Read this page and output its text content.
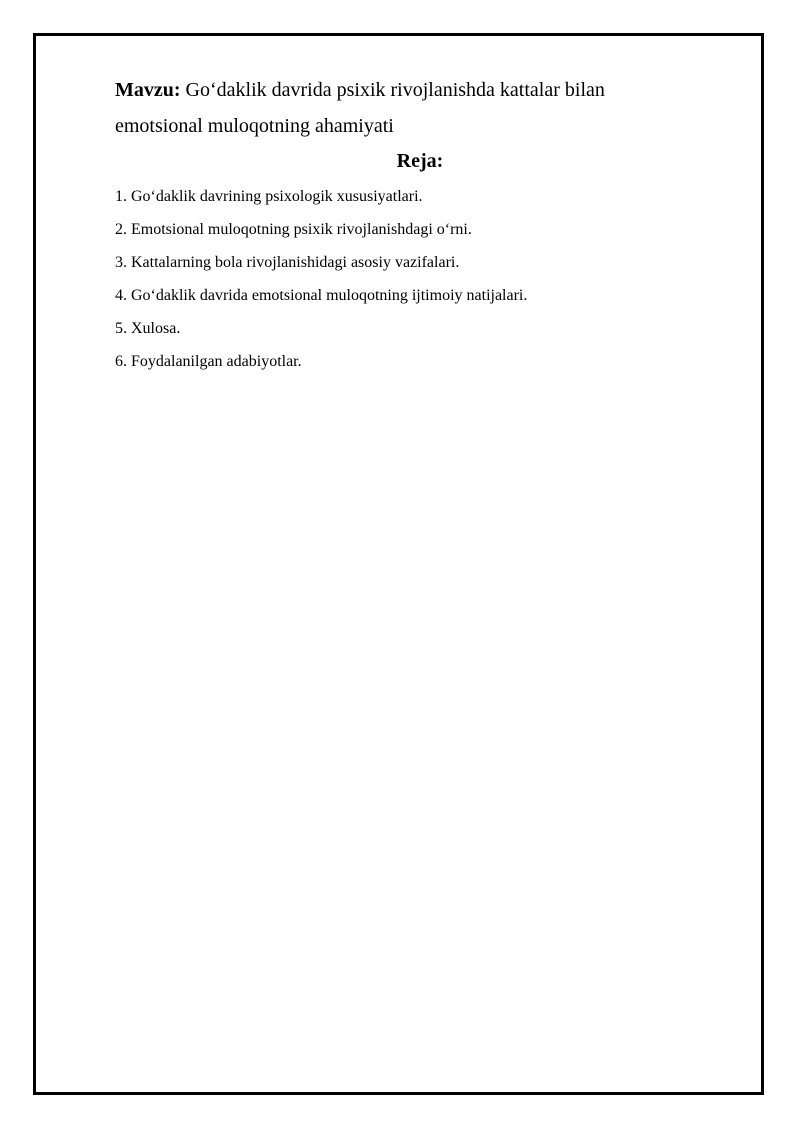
Mavzu: Go‘daklik davrida psixik rivojlanishda kattalar bilan emotsional muloqotning ahamiyati

Reja:
1. Go‘daklik davrining psixologik xususiyatlari.
2. Emotsional muloqotning psixik rivojlanishdagi o‘rni.
3. Kattalarning bola rivojlanishidagi asosiy vazifalari.
4. Go‘daklik davrida emotsional muloqotning ijtimoiy natijalari.
5. Xulosa.
6. Foydalanilgan adabiyotlar.
